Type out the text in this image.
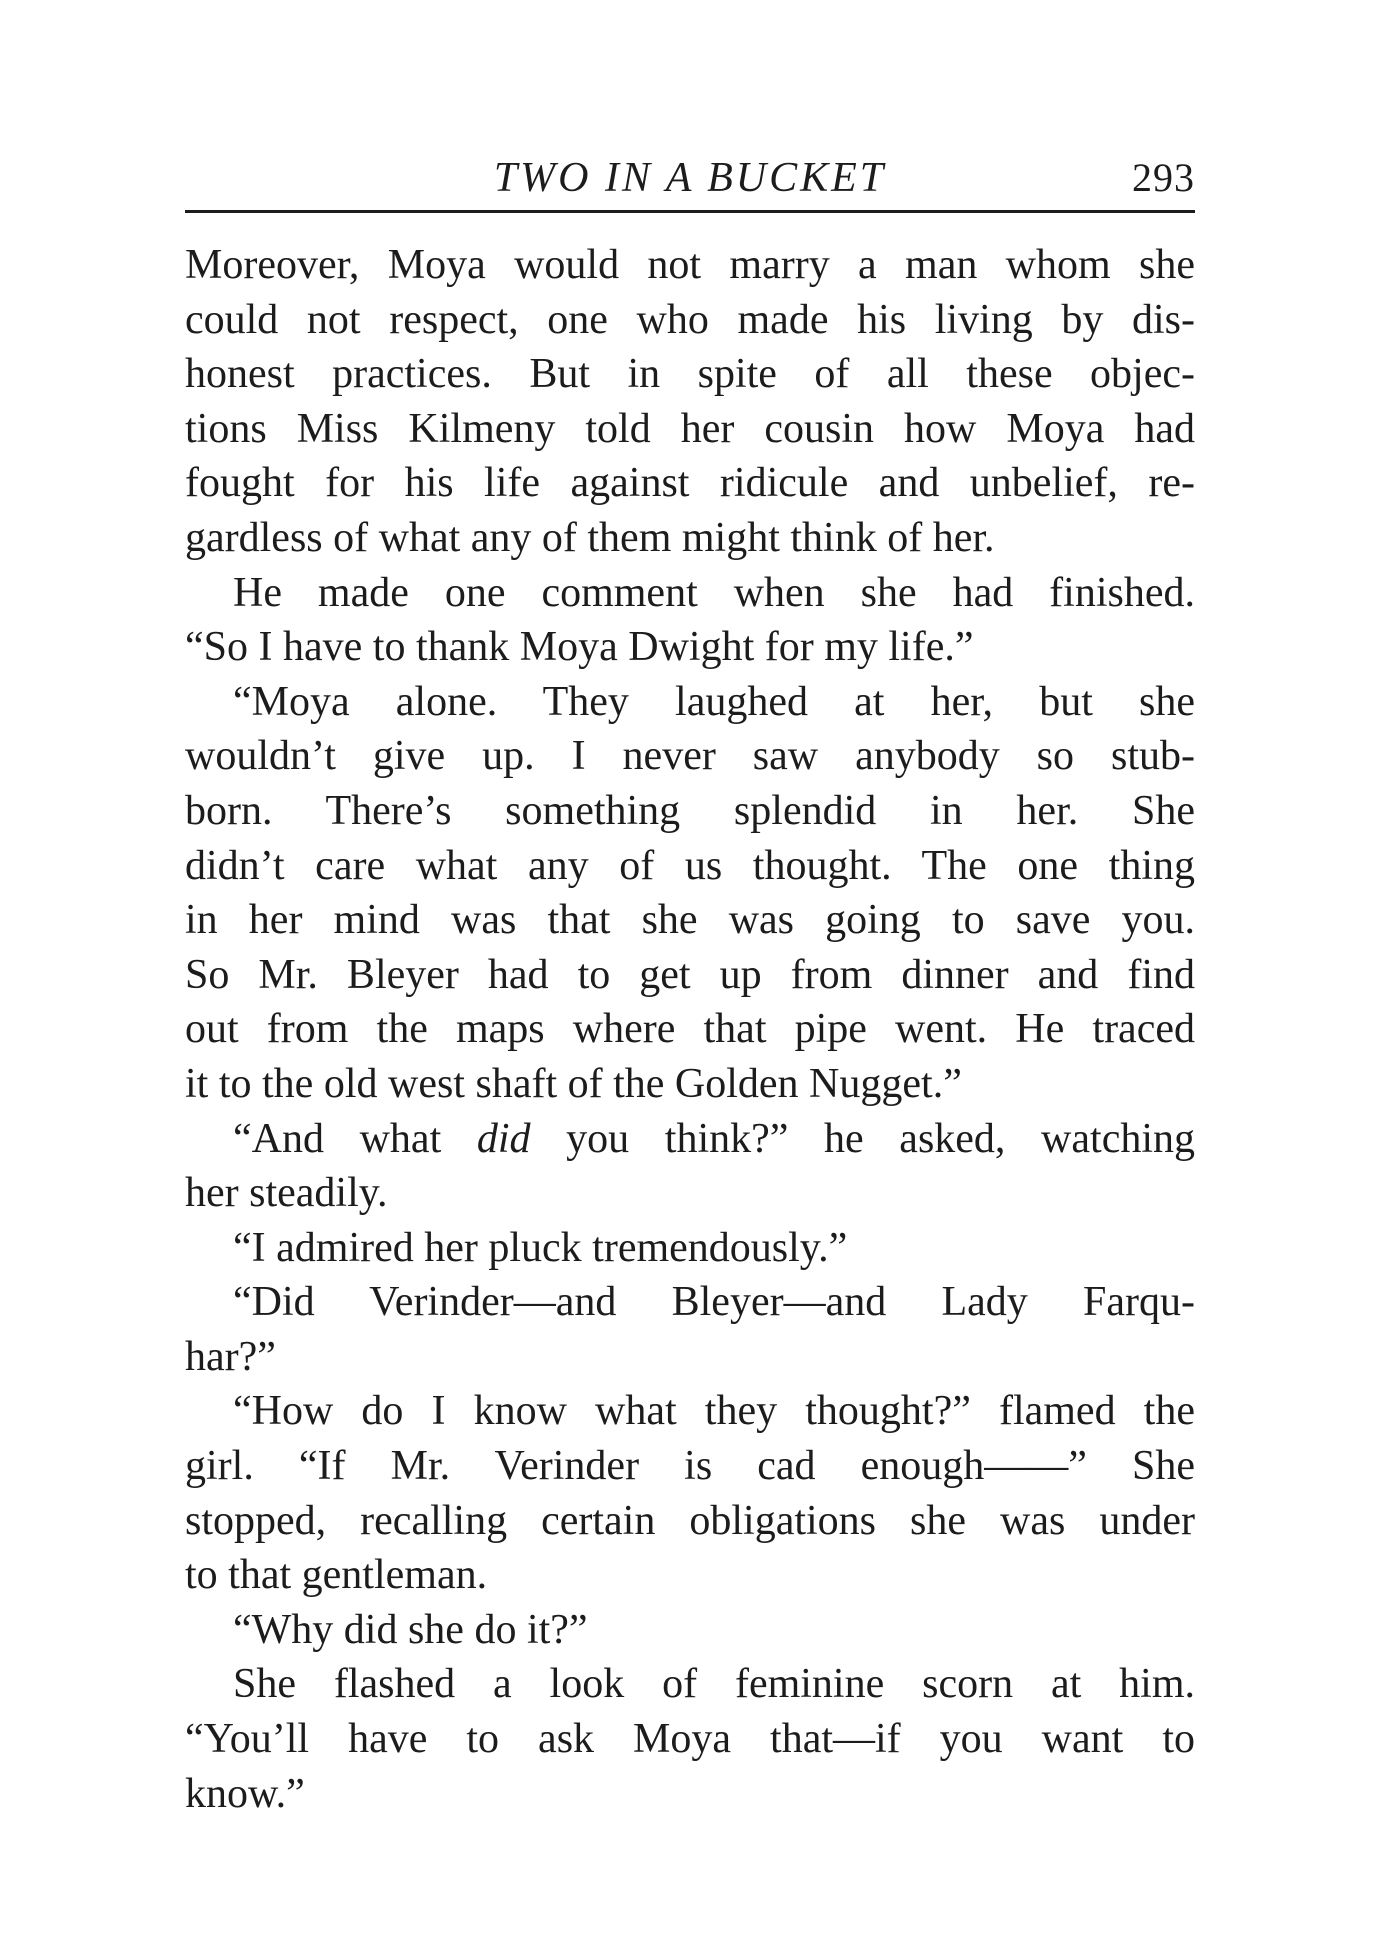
TWO IN A BUCKET	293
Moreover, Moya would not marry a man whom she
could not respect, one who made his living by dis-
honest practices. But in spite of all these objec-
tions Miss Kilmeny told her cousin how Moya had
fought for his life against ridicule and unbelief, re-
gardless of what any of them might think of her.
He made one comment when she had finished.
“So I have to thank Moya Dwight for my life.”
“Moya alone. They laughed at her, but she
wouldn’t give up. I never saw anybody so stub-
born. There’s something splendid in her. She
didn’t care what any of us thought. The one thing
in her mind was that she was going to save you.
So Mr. Bleyer had to get up from dinner and find
out from the maps where that pipe went. He traced
it to the old west shaft of the Golden Nugget.”
“And what did you think?” he asked, watching
her steadily.
“I admired her pluck tremendously.”
“Did Verinder—and Bleyer—and Lady Farqu-
har?”
“How do I know what they thought?” flamed the
girl. “If Mr. Verinder is cad enough——” She
stopped, recalling certain obligations she was under
to that gentleman.
“Why did she do it?”
She flashed a look of feminine scorn at him.
“You’ll have to ask Moya that—if you want to
know.”
